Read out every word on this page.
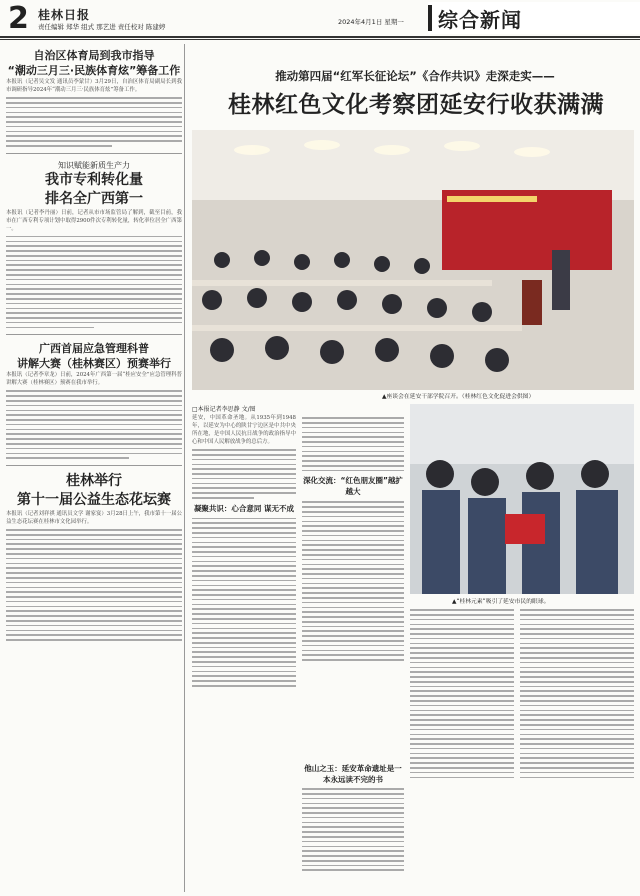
2 桂林日报
责任编辑 郑华 组式 那艺进 责任校对 陈建婷
2024年4月1日 星期一 综合新闻
自治区体育局到我市指导
“潮动三月三·民族体育炫”筹备工作
本报讯（记者吴文发 通讯员李蒙甘）3月29日，自治区体育局副局长到我市调研指导2024年“潮动三月三·民族体育炫”筹备工作。
知识赋能新质生产力
我市专利转化量
排名全广西第一
本报讯（记者李丹丽）日前，记者从市市场监管局了解到，截至目前，我市在广西专利专项计划中取得2900件次专利转化量，转化率位居全广西第一。
广西首届应急管理科普
讲解大赛（桂林赛区）预赛举行
本报讯（记者李章龙）日前，2024年广西第一届“桂应安全”应急管理科普讲解大赛（桂林赛区）预赛在我市举行。
桂林举行
第十一届公益生态花坛赛
本报讯（记者刘祥祺 通讯员文学 谢家宴）3月28日上午，我市第十一届公益生态花坛赛在桂林市文化园举行。
推动第四届“红军长征论坛”《合作共识》走深走实——
桂林红色文化考察团延安行收获满满
▲座谈会在延安干部学院召开。（桂林红色文化促进会供图）
□本报记者李思静 文/图
延安，中国革命圣地。从1935年到1948年，以延安为中心的陕甘宁边区是中共中央所在地，是中国人民抗日战争的政治指导中心和中国人民解放战争的总后方。
凝聚共识：心合意同 谋无不成
深化交流：“红色朋友圈”越扩越大
▲“桂林元素”吸引了延安市民的眼球。
他山之玉：延安革命遗址是一本永远读不完的书
